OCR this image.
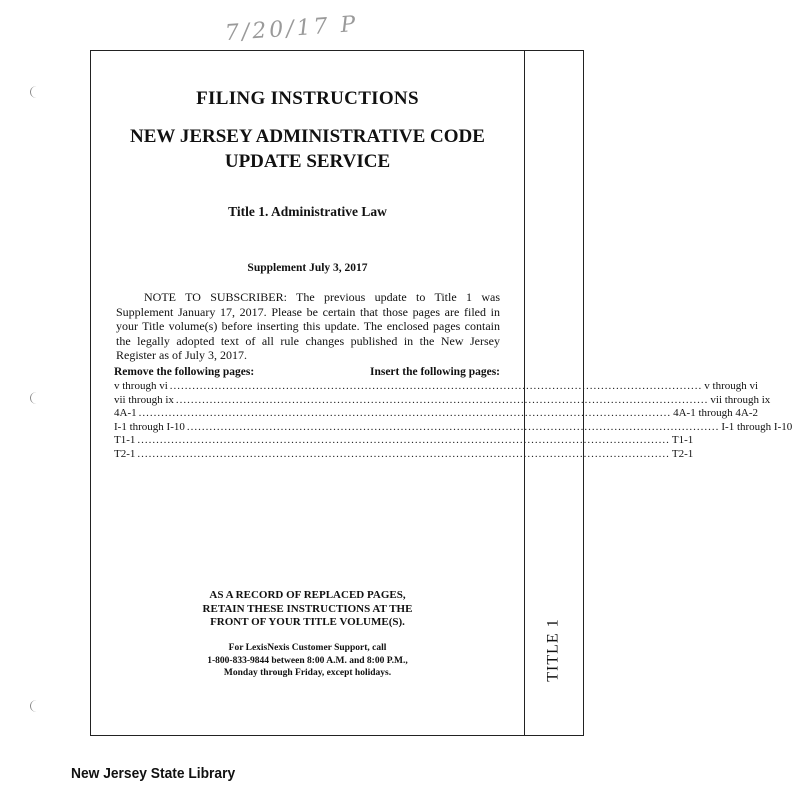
7/20/17 P
TITLE 1
FILING INSTRUCTIONS
NEW JERSEY ADMINISTRATIVE CODE
UPDATE SERVICE
Title 1. Administrative Law
Supplement July 3, 2017
NOTE TO SUBSCRIBER: The previous update to Title 1 was Supplement January 17, 2017. Please be certain that those pages are filed in your Title volume(s) before inserting this update. The enclosed pages contain the legally adopted text of all rule changes published in the New Jersey Register as of July 3, 2017.
Remove the following pages:	Insert the following pages:
v through vi .............................................................................................................................................. v through vi
vii through ix .............................................................................................................................................. vii through ix
4A-1 .............................................................................................................................................. 4A-1 through 4A-2
I-1 through I-10 .............................................................................................................................................. I-1 through I-10
T1-1 .............................................................................................................................................. T1-1
T2-1 .............................................................................................................................................. T2-1
AS A RECORD OF REPLACED PAGES,
RETAIN THESE INSTRUCTIONS AT THE
FRONT OF YOUR TITLE VOLUME(S).
For LexisNexis Customer Support, call
1-800-833-9844 between 8:00 A.M. and 8:00 P.M.,
Monday through Friday, except holidays.
New Jersey State Library
